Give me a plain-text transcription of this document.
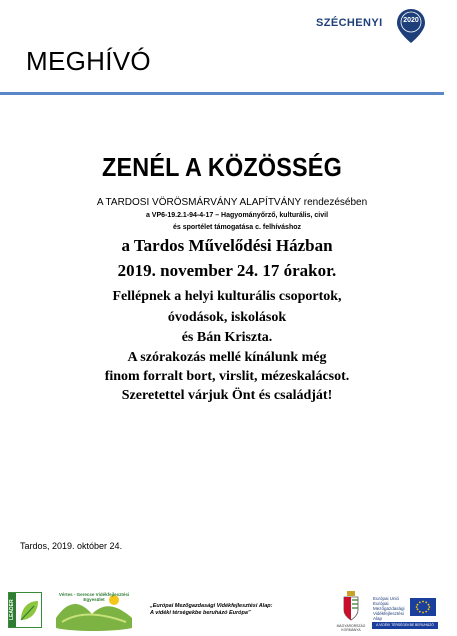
SZÉCHENYI	2020
MEGHÍVÓ
ZENÉL A KÖZÖSSÉG
A TARDOSI VÖRÖSMÁRVÁNY ALAPÍTVÁNY rendezésében
a VP6-19.2.1-94-4-17 – Hagyományőrző, kulturális, civil
és sportélet támogatása c. felhíváshoz
a Tardos Művelődési Házban
2019. november 24. 17 órakor.
Fellépnek a helyi kulturális csoportok,
óvodások, iskolások
és Bán Kriszta.
A szórakozás mellé kínálunk még
finom forralt bort, virslit, mézeskalácsot.
Szeretettel várjuk Önt és családját!
Tardos, 2019. október 24.
LEADER
Vértes - Gerecse Vidékfejlesztési Egyesület
„Európai Mezőgazdasági Vidékfejlesztési Alap:
A vidéki térségekbe beruházó Európa”
MAGYARORSZÁG
KORMÁNYA
Európai Unió
Európai Mezőgazdasági
Vidékfejlesztési Alap
A VIDÉKI TÉRSÉGEKBE BERUHÁZÓ EURÓPA
